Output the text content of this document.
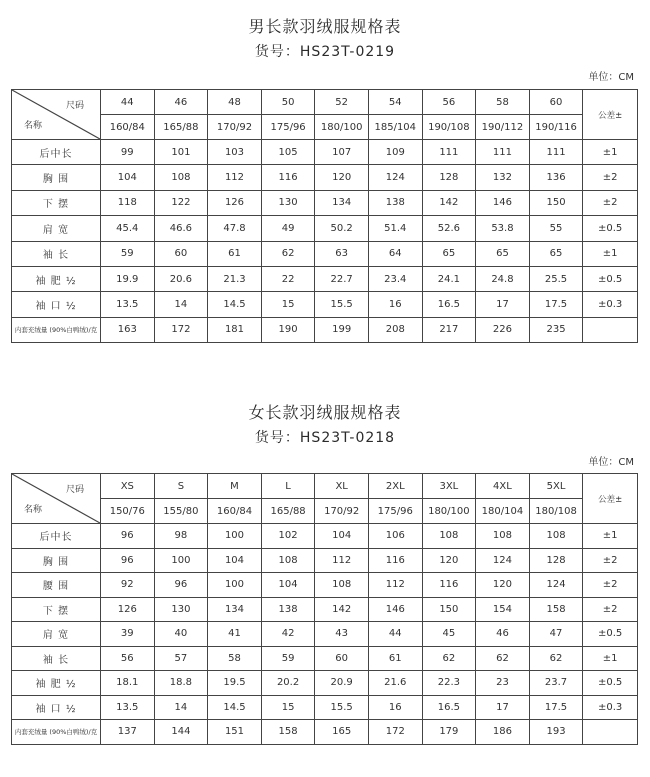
男长款羽绒服规格表
货号：HS23T-0219
单位：CM
尺码
名称	44	46	48	50	52	54	56	58	60	公差±
	160/84	165/88	170/92	175/96	180/100	185/104	190/108	190/112	190/116	
后中长	99	101	103	105	107	109	111	111	111	±1
胸 围	104	108	112	116	120	124	128	132	136	±2
下 摆	118	122	126	130	134	138	142	146	150	±2
肩 宽	45.4	46.6	47.8	49	50.2	51.4	52.6	53.8	55	±0.5
袖 长	59	60	61	62	63	64	65	65	65	±1
袖 肥 ½	19.9	20.6	21.3	22	22.7	23.4	24.1	24.8	25.5	±0.5
袖 口 ½	13.5	14	14.5	15	15.5	16	16.5	17	17.5	±0.3
内套充绒量 (90%白鸭绒)/克	163	172	181	190	199	208	217	226	235	
女长款羽绒服规格表
货号：HS23T-0218
单位：CM
尺码
名称	XS	S	M	L	XL	2XL	3XL	4XL	5XL	公差±
	150/76	155/80	160/84	165/88	170/92	175/96	180/100	180/104	180/108	
后中长	96	98	100	102	104	106	108	108	108	±1
胸 围	96	100	104	108	112	116	120	124	128	±2
腰 围	92	96	100	104	108	112	116	120	124	±2
下 摆	126	130	134	138	142	146	150	154	158	±2
肩 宽	39	40	41	42	43	44	45	46	47	±0.5
袖 长	56	57	58	59	60	61	62	62	62	±1
袖 肥 ½	18.1	18.8	19.5	20.2	20.9	21.6	22.3	23	23.7	±0.5
袖 口 ½	13.5	14	14.5	15	15.5	16	16.5	17	17.5	±0.3
内套充绒量 (90%白鸭绒)/克	137	144	151	158	165	172	179	186	193	
